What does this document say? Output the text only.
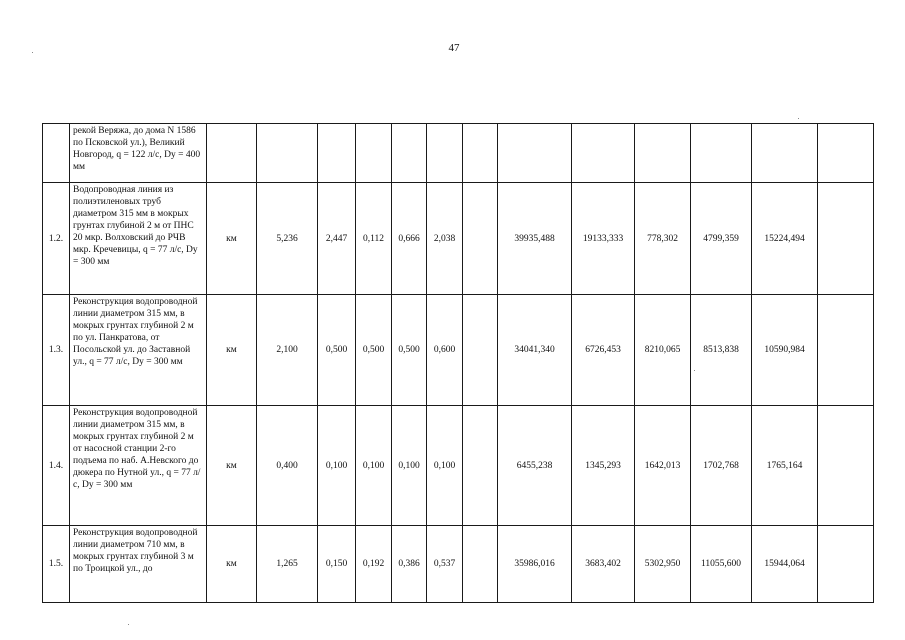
47
	рекой Веряжа, до дома N 1586 по Псковской ул.), Великий Новгород, q = 122 л/с, Dy = 400 мм													
1.2.	Водопроводная линия из полиэтиленовых труб диаметром 315 мм в мокрых грунтах глубиной 2 м от ПНС 20 мкр. Волховский до РЧВ мкр. Кречевицы, q = 77 л/с, Dy = 300 мм	км	5,236	2,447	0,112	0,666	2,038		39935,488	19133,333	778,302	4799,359	15224,494	
1.3.	Реконструкция водопроводной линии диаметром 315 мм, в мокрых грунтах глубиной 2 м по ул. Панкратова, от Посольской ул. до Заставной ул., q = 77 л/с, Dy = 300 мм	км	2,100	0,500	0,500	0,500	0,600		34041,340	6726,453	8210,065	8513,838	10590,984	
1.4.	Реконструкция водопроводной линии диаметром 315 мм, в мокрых грунтах глубиной 2 м от насосной станции 2-го подъема по наб. А.Невского до дюкера по Нутной ул., q = 77 л/с, Dy = 300 мм	км	0,400	0,100	0,100	0,100	0,100		6455,238	1345,293	1642,013	1702,768	1765,164	
1.5.	Реконструкция водопроводной линии диаметром 710 мм, в мокрых грунтах глубиной 3 м по Троицкой ул., до	км	1,265	0,150	0,192	0,386	0,537		35986,016	3683,402	5302,950	11055,600	15944,064	
